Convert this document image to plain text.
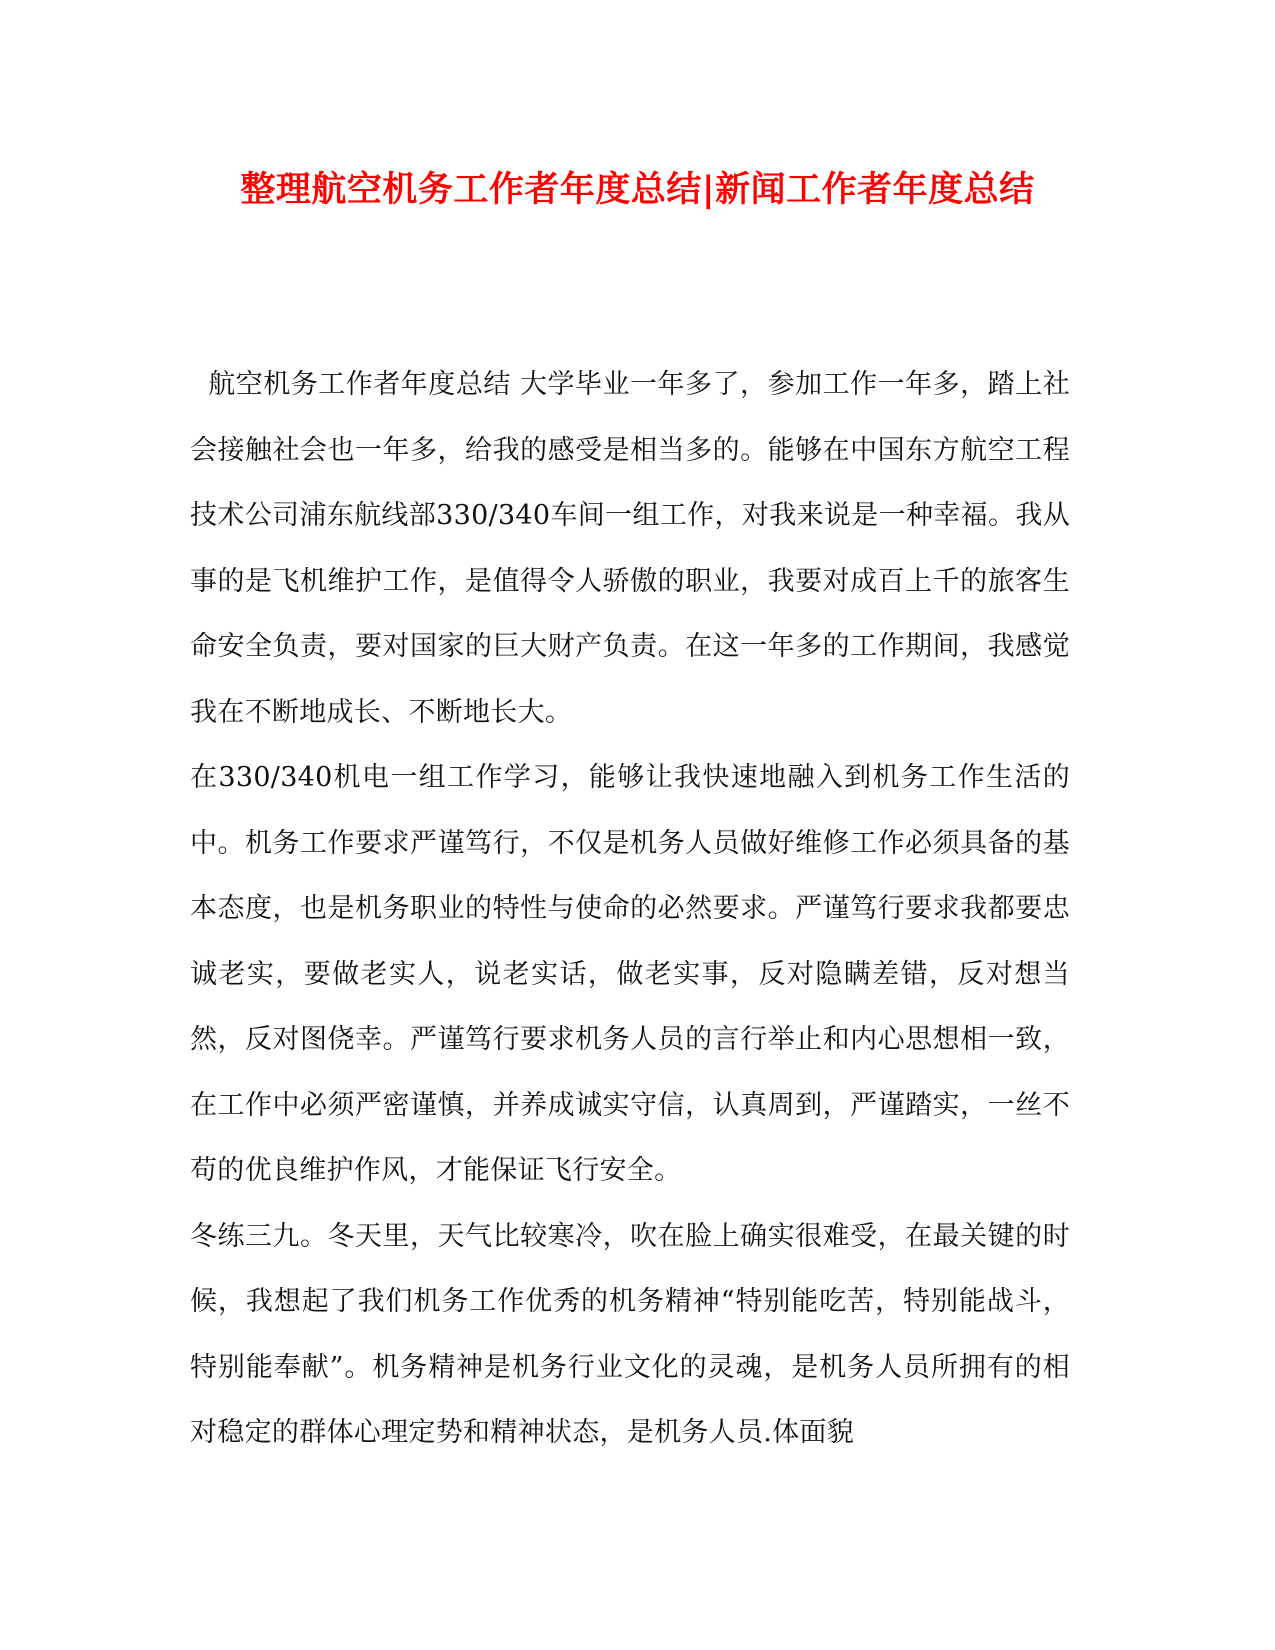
整理航空机务工作者年度总结|新闻工作者年度总结

航空机务工作者年度总结 大学毕业一年多了，参加工作一年多，踏上社会接触社会也一年多，给我的感受是相当多的。能够在中国东方航空工程技术公司浦东航线部330/340车间一组工作，对我来说是一种幸福。我从事的是飞机维护工作，是值得令人骄傲的职业，我要对成百上千的旅客生命安全负责，要对国家的巨大财产负责。在这一年多的工作期间，我感觉我在不断地成长、不断地长大。

在330/340机电一组工作学习，能够让我快速地融入到机务工作生活的中。机务工作要求严谨笃行，不仅是机务人员做好维修工作必须具备的基本态度，也是机务职业的特性与使命的必然要求。严谨笃行要求我都要忠诚老实，要做老实人，说老实话，做老实事，反对隐瞒差错，反对想当然，反对图侥幸。严谨笃行要求机务人员的言行举止和内心思想相一致，在工作中必须严密谨慎，并养成诚实守信，认真周到，严谨踏实，一丝不苟的优良维护作风，才能保证飞行安全。

冬练三九。冬天里，天气比较寒冷，吹在脸上确实很难受，在最关键的时候，我想起了我们机务工作优秀的机务精神“特别能吃苦，特别能战斗，特别能奉献”。机务精神是机务行业文化的灵魂，是机务人员所拥有的相对稳定的群体心理定势和精神状态，是机务人员.体面貌
